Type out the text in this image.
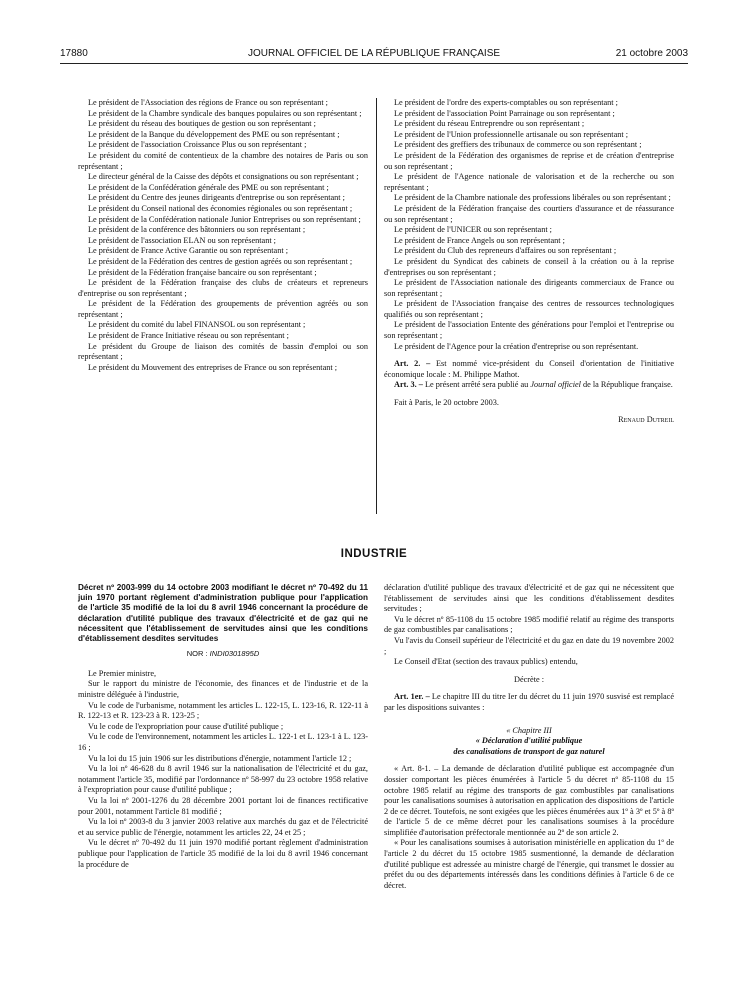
17880	JOURNAL OFFICIEL DE LA RÉPUBLIQUE FRANÇAISE	21 octobre 2003

Le président de l'Association des régions de France ou son représentant ;

Le président de la Chambre syndicale des banques populaires ou son représentant ;

Le président du réseau des boutiques de gestion ou son représentant ;

Le président de la Banque du développement des PME ou son représentant ;

Le président de l'association Croissance Plus ou son représentant ;

Le président du comité de contentieux de la chambre des notaires de Paris ou son représentant ;

Le directeur général de la Caisse des dépôts et consignations ou son représentant ;

Le président de la Confédération générale des PME ou son représentant ;

Le président du Centre des jeunes dirigeants d'entreprise ou son représentant ;

Le président du Conseil national des économies régionales ou son représentant ;

Le président de la Confédération nationale Junior Entreprises ou son représentant ;

Le président de la conférence des bâtonniers ou son représentant ;

Le président de l'association ELAN ou son représentant ;

Le président de France Active Garantie ou son représentant ;

Le président de la Fédération des centres de gestion agréés ou son représentant ;

Le président de la Fédération française bancaire ou son représentant ;

Le président de la Fédération française des clubs de créateurs et repreneurs d'entreprise ou son représentant ;

Le président de la Fédération des groupements de prévention agréés ou son représentant ;

Le président du comité du label FINANSOL ou son représentant ;

Le président de France Initiative réseau ou son représentant ;

Le président du Groupe de liaison des comités de bassin d'emploi ou son représentant ;

Le président du Mouvement des entreprises de France ou son représentant ;

Le président de l'ordre des experts-comptables ou son représentant ;

Le président de l'association Point Parrainage ou son représentant ;

Le président du réseau Entreprendre ou son représentant ;

Le président de l'Union professionnelle artisanale ou son représentant ;

Le président des greffiers des tribunaux de commerce ou son représentant ;

Le président de la Fédération des organismes de reprise et de création d'entreprise ou son représentant ;

Le président de l'Agence nationale de valorisation et de la recherche ou son représentant ;

Le président de la Chambre nationale des professions libérales ou son représentant ;

Le président de la Fédération française des courtiers d'assurance et de réassurance ou son représentant ;

Le président de l'UNICER ou son représentant ;

Le président de France Angels ou son représentant ;

Le président du Club des repreneurs d'affaires ou son représentant ;

Le président du Syndicat des cabinets de conseil à la création ou à la reprise d'entreprises ou son représentant ;

Le président de l'Association nationale des dirigeants commerciaux de France ou son représentant ;

Le président de l'Association française des centres de ressources technologiques qualifiés ou son représentant ;

Le président de l'association Entente des générations pour l'emploi et l'entreprise ou son représentant ;

Le président de l'Agence pour la création d'entreprise ou son représentant.

Art. 2. – Est nommé vice-président du Conseil d'orientation de l'initiative économique locale : M. Philippe Mathot.

Art. 3. – Le présent arrêté sera publié au Journal officiel de la République française.

Fait à Paris, le 20 octobre 2003.

Renaud Dutreil

INDUSTRIE

Décret nº 2003-999 du 14 octobre 2003 modifiant le décret nº 70-492 du 11 juin 1970 portant règlement d'administration publique pour l'application de l'article 35 modifié de la loi du 8 avril 1946 concernant la procédure de déclaration d'utilité publique des travaux d'électricité et de gaz qui ne nécessitent que l'établissement de servitudes ainsi que les conditions d'établissement desdites servitudes

NOR : INDI0301895D

Le Premier ministre,

Sur le rapport du ministre de l'économie, des finances et de l'industrie et de la ministre déléguée à l'industrie,

Vu le code de l'urbanisme, notamment les articles L. 122-15, L. 123-16, R. 122-11 à R. 122-13 et R. 123-23 à R. 123-25 ;

Vu le code de l'expropriation pour cause d'utilité publique ;

Vu le code de l'environnement, notamment les articles L. 122-1 et L. 123-1 à L. 123-16 ;

Vu la loi du 15 juin 1906 sur les distributions d'énergie, notamment l'article 12 ;

Vu la loi nº 46-628 du 8 avril 1946 sur la nationalisation de l'électricité et du gaz, notamment l'article 35, modifié par l'ordonnance nº 58-997 du 23 octobre 1958 relative à l'expropriation pour cause d'utilité publique ;

Vu la loi nº 2001-1276 du 28 décembre 2001 portant loi de finances rectificative pour 2001, notamment l'article 81 modifié ;

Vu la loi nº 2003-8 du 3 janvier 2003 relative aux marchés du gaz et de l'électricité et au service public de l'énergie, notamment les articles 22, 24 et 25 ;

Vu le décret nº 70-492 du 11 juin 1970 modifié portant règlement d'administration publique pour l'application de l'article 35 modifié de la loi du 8 avril 1946 concernant la procédure de

déclaration d'utilité publique des travaux d'électricité et de gaz qui ne nécessitent que l'établissement de servitudes ainsi que les conditions d'établissement desdites servitudes ;

Vu le décret nº 85-1108 du 15 octobre 1985 modifié relatif au régime des transports de gaz combustibles par canalisations ;

Vu l'avis du Conseil supérieur de l'électricité et du gaz en date du 19 novembre 2002 ;

Le Conseil d'Etat (section des travaux publics) entendu,

Décrète :

Art. 1er. – Le chapitre III du titre Ier du décret du 11 juin 1970 susvisé est remplacé par les dispositions suivantes :

« Chapitre III

« Déclaration d'utilité publique

des canalisations de transport de gaz naturel

« Art. 8-1. – La demande de déclaration d'utilité publique est accompagnée d'un dossier comportant les pièces énumérées à l'article 5 du décret nº 85-1108 du 15 octobre 1985 relatif au régime des transports de gaz combustibles par canalisations pour les canalisations soumises à autorisation en application des dispositions de l'article 2 de ce décret. Toutefois, ne sont exigées que les pièces énumérées aux 1º à 3º et 5º à 8º de l'article 5 de ce même décret pour les canalisations soumises à la procédure simplifiée d'autorisation préfectorale mentionnée au 2º de son article 2.

« Pour les canalisations soumises à autorisation ministérielle en application du 1º de l'article 2 du décret du 15 octobre 1985 susmentionné, la demande de déclaration d'utilité publique est adressée au ministre chargé de l'énergie, qui transmet le dossier au préfet du ou des départements intéressés dans les conditions définies à l'article 6 de ce décret.
